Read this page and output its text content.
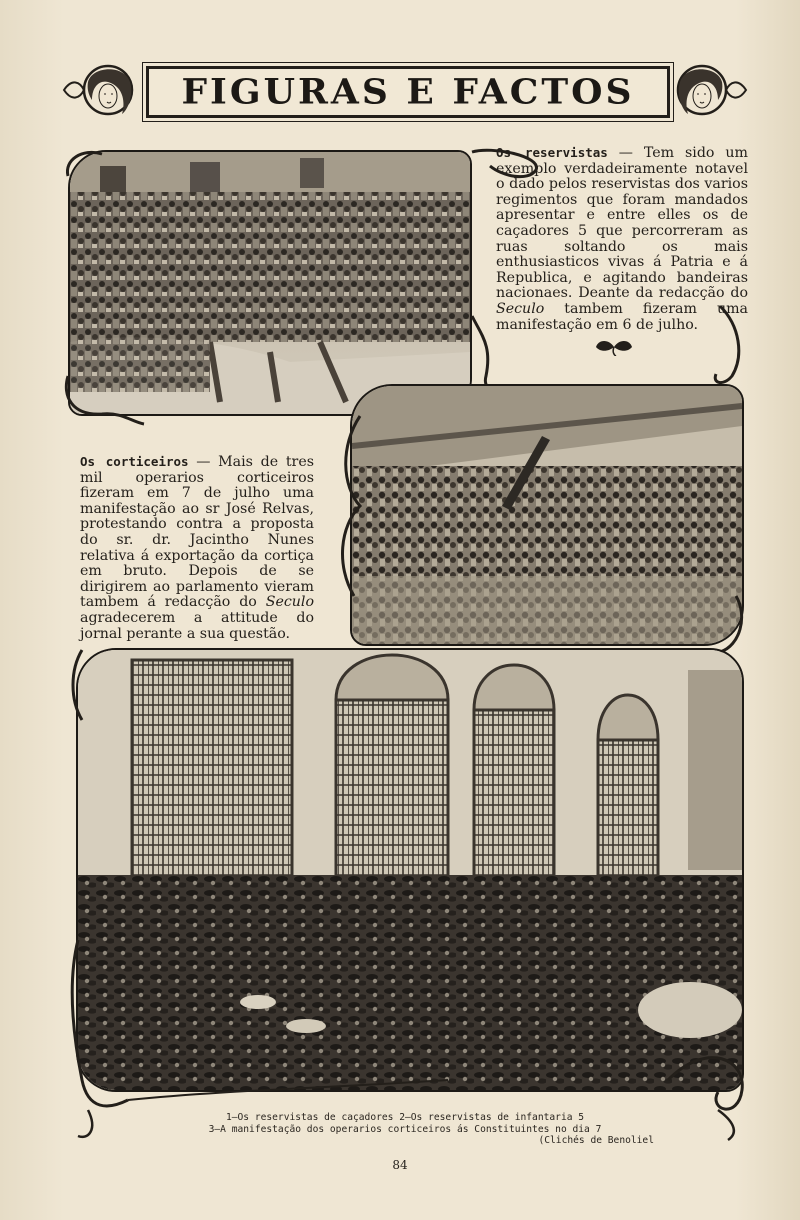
FIGURAS E FACTOS
Os reservistas — Tem sido um exemplo verdadeiramente notavel o dado pelos reservistas dos varios regimentos que foram mandados apresentar e entre elles os de caçadores 5 que percorreram as ruas soltando os mais enthusiasticos vivas á Patria e á Republica, e agitando bandeiras nacionaes. Deante da redacção do Seculo tambem fizeram uma manifestação em 6 de julho.
Os corticeiros — Mais de tres mil operarios corticeiros fizeram em 7 de julho uma manifestação ao sr José Relvas, protestando contra a proposta do sr. dr. Jacintho Nunes relativa á exportação da cortiça em bruto. Depois de se dirigirem ao parlamento vieram tambem á redacção do Seculo agradecerem a attitude do jornal perante a sua questão.
1—Os reservistas de caçadores 2—Os reservistas de infantaria 5
3—A manifestação dos operarios corticeiros ás Constituintes no dia 7

(Clichés de Benoliel
84
